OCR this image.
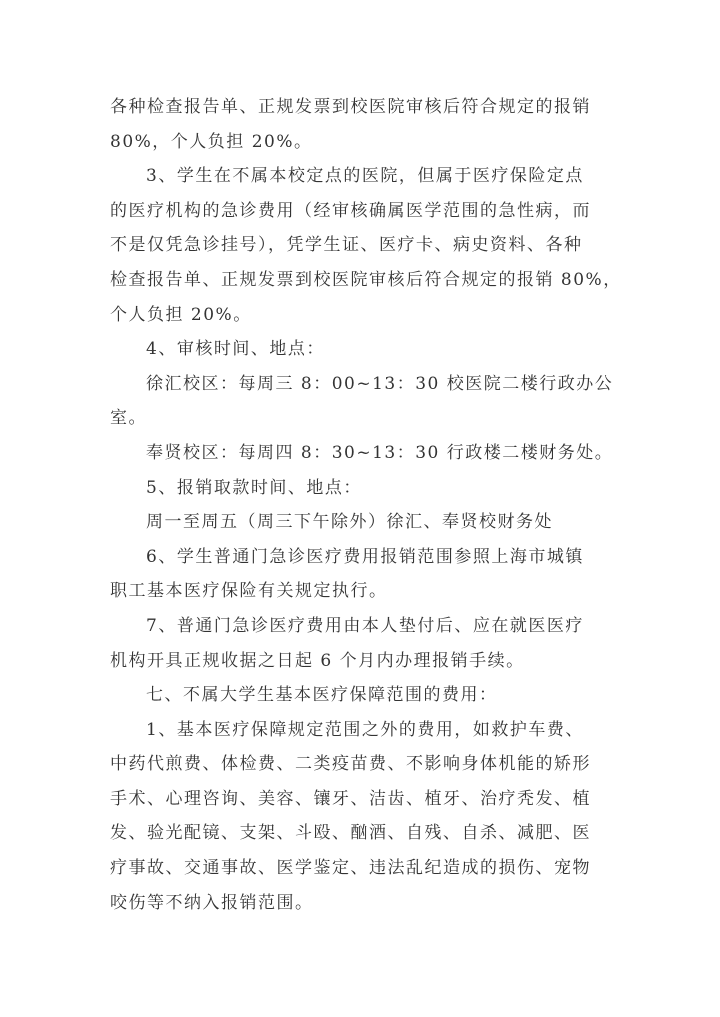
各种检查报告单、正规发票到校医院审核后符合规定的报销
80%，个人负担 20%。
3、学生在不属本校定点的医院，但属于医疗保险定点
的医疗机构的急诊费用（经审核确属医学范围的急性病，而
不是仅凭急诊挂号），凭学生证、医疗卡、病史资料、各种
检查报告单、正规发票到校医院审核后符合规定的报销 80%，
个人负担 20%。
4、审核时间、地点：
徐汇校区：每周三 8：00~13：30 校医院二楼行政办公
室。
奉贤校区：每周四 8：30~13：30 行政楼二楼财务处。
5、报销取款时间、地点：
周一至周五（周三下午除外）徐汇、奉贤校财务处
6、学生普通门急诊医疗费用报销范围参照上海市城镇
职工基本医疗保险有关规定执行。
7、普通门急诊医疗费用由本人垫付后、应在就医医疗
机构开具正规收据之日起 6 个月内办理报销手续。
七、不属大学生基本医疗保障范围的费用：
1、基本医疗保障规定范围之外的费用，如救护车费、
中药代煎费、体检费、二类疫苗费、不影响身体机能的矫形
手术、心理咨询、美容、镶牙、洁齿、植牙、治疗秃发、植
发、验光配镜、支架、斗殴、酗酒、自残、自杀、减肥、医
疗事故、交通事故、医学鉴定、违法乱纪造成的损伤、宠物
咬伤等不纳入报销范围。
